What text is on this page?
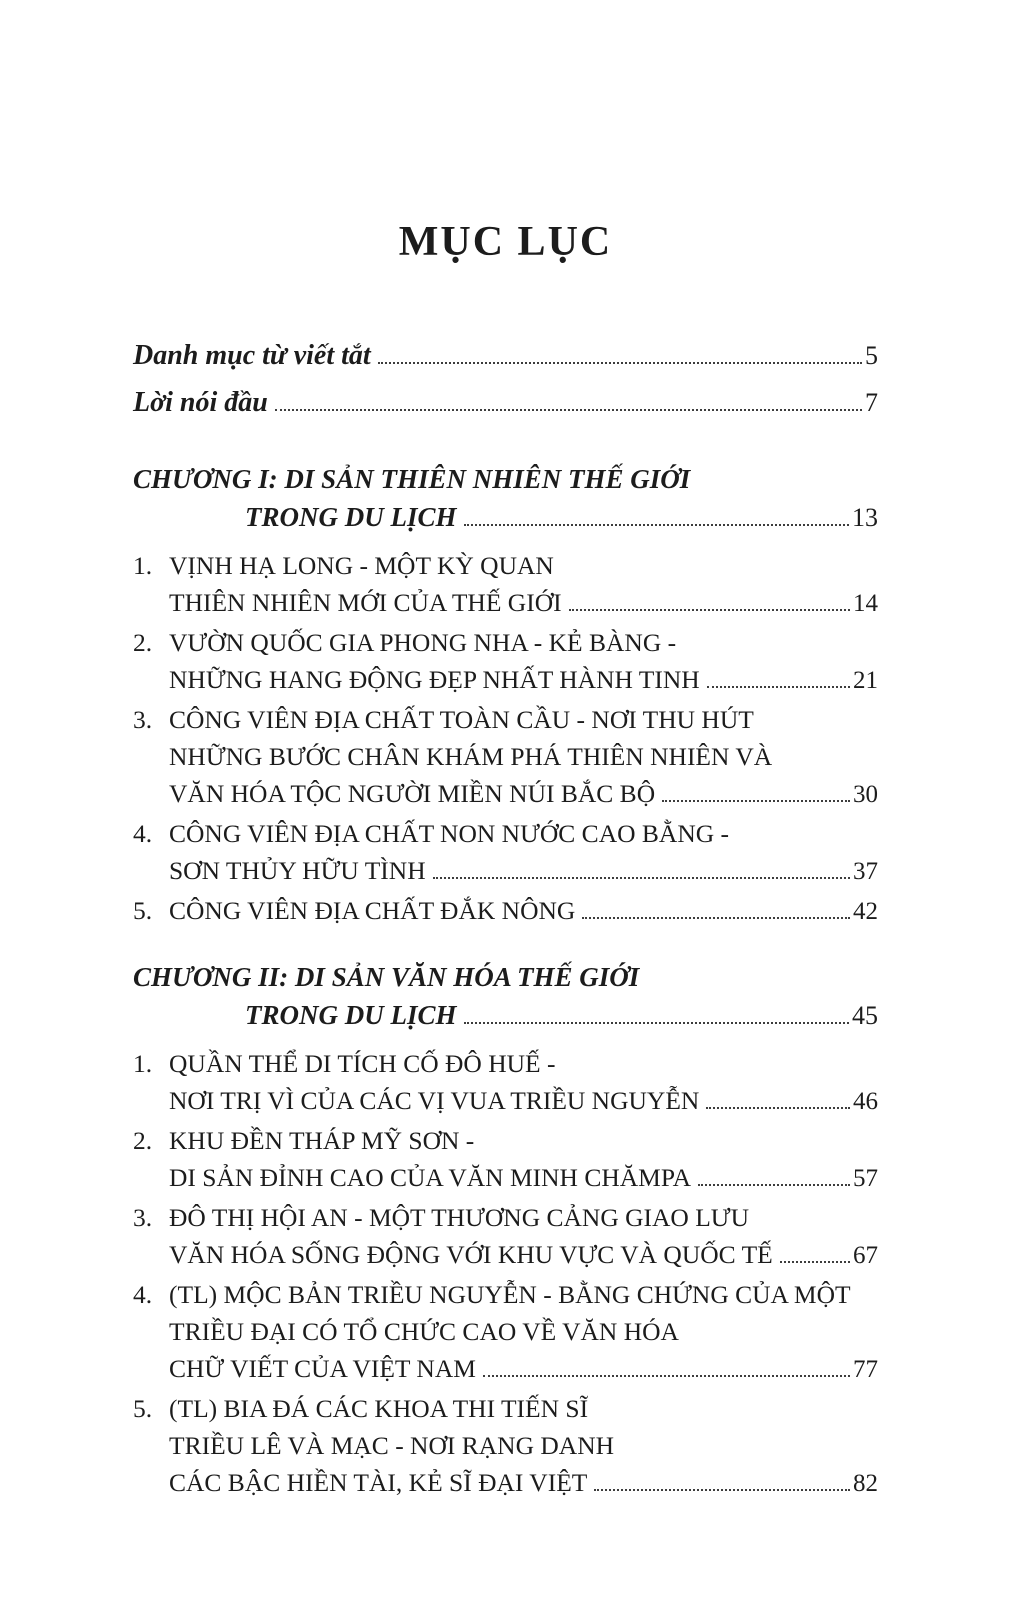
MỤC LỤC
Danh mục từ viết tắt	5
Lời nói đầu	7
CHƯƠNG I: DI SẢN THIÊN NHIÊN THẾ GIỚI
TRONG DU LỊCH	13
1. VỊNH HẠ LONG - MỘT KỲ QUAN
THIÊN NHIÊN MỚI CỦA THẾ GIỚI	14
2. VƯỜN QUỐC GIA PHONG NHA - KẺ BÀNG -
NHỮNG HANG ĐỘNG ĐẸP NHẤT HÀNH TINH	21
3. CÔNG VIÊN ĐỊA CHẤT TOÀN CẦU - NƠI THU HÚT
NHỮNG BƯỚC CHÂN KHÁM PHÁ THIÊN NHIÊN VÀ
VĂN HÓA TỘC NGƯỜI MIỀN NÚI BẮC BỘ	30
4. CÔNG VIÊN ĐỊA CHẤT NON NƯỚC CAO BẰNG -
SƠN THỦY HỮU TÌNH	37
5. CÔNG VIÊN ĐỊA CHẤT ĐẮK NÔNG	42
CHƯƠNG II: DI SẢN VĂN HÓA THẾ GIỚI
TRONG DU LỊCH	45
1. QUẦN THỂ DI TÍCH CỐ ĐÔ HUẾ -
NƠI TRỊ VÌ CỦA CÁC VỊ VUA TRIỀU NGUYỄN	46
2. KHU ĐỀN THÁP MỸ SƠN -
DI SẢN ĐỈNH CAO CỦA VĂN MINH CHĂMPA	57
3. ĐÔ THỊ HỘI AN - MỘT THƯƠNG CẢNG GIAO LƯU
VĂN HÓA SỐNG ĐỘNG VỚI KHU VỰC VÀ QUỐC TẾ	67
4. (TL) MỘC BẢN TRIỀU NGUYỄN - BẰNG CHỨNG CỦA MỘT
TRIỀU ĐẠI CÓ TỔ CHỨC CAO VỀ VĂN HÓA
CHỮ VIẾT CỦA VIỆT NAM	77
5. (TL) BIA ĐÁ CÁC KHOA THI TIẾN SĨ
TRIỀU LÊ VÀ MẠC - NƠI RẠNG DANH
CÁC BẬC HIỀN TÀI, KẺ SĨ ĐẠI VIỆT	82
